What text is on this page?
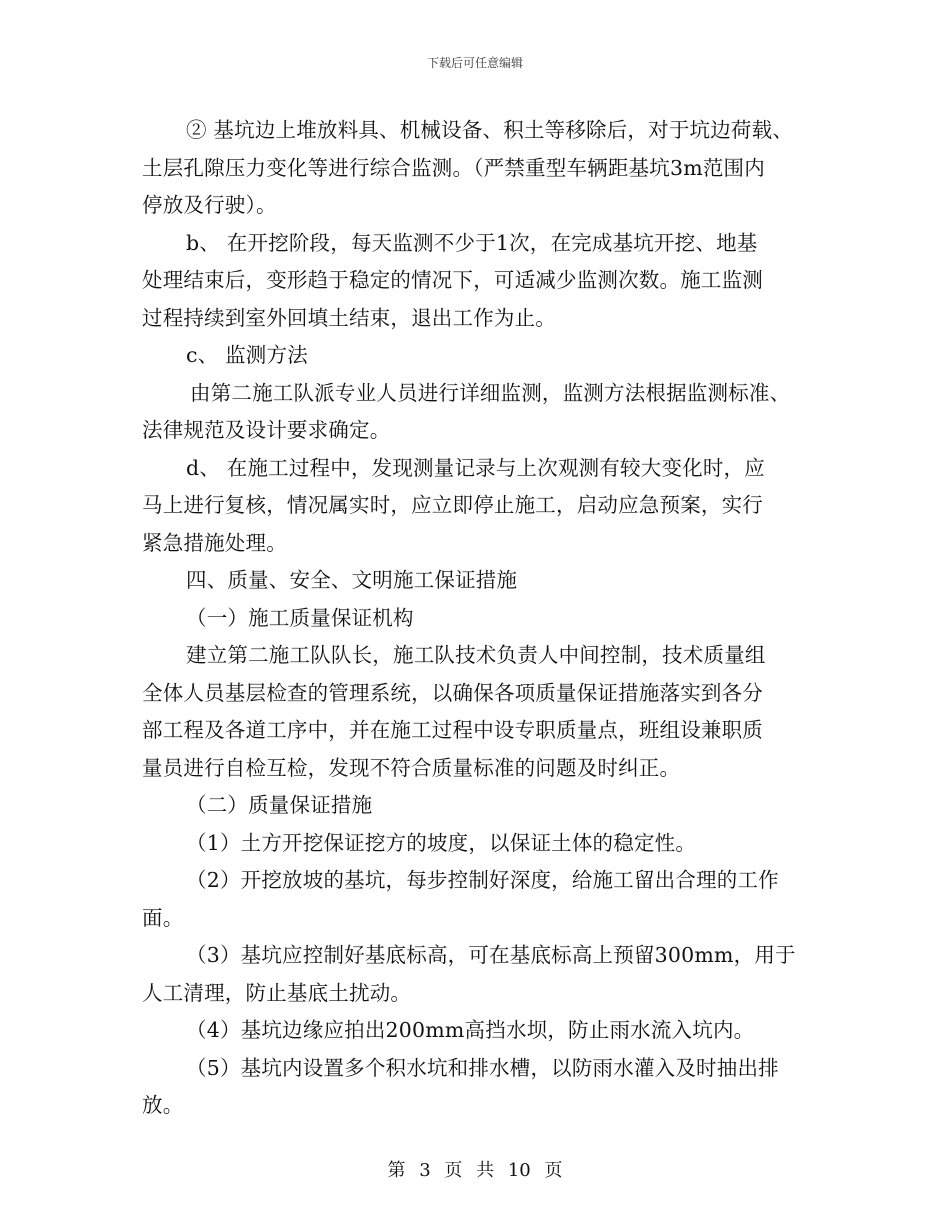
下载后可任意编辑

② 基坑边上堆放料具、机械设备、积土等移除后，对于坑边荷载、

土层孔隙压力变化等进行综合监测。（严禁重型车辆距基坑3m范围内

停放及行驶）。

b、 在开挖阶段，每天监测不少于1次，在完成基坑开挖、地基

处理结束后，变形趋于稳定的情况下，可适减少监测次数。施工监测

过程持续到室外回填土结束，退出工作为止。

c、 监测方法

由第二施工队派专业人员进行详细监测，监测方法根据监测标准、

法律规范及设计要求确定。

d、 在施工过程中，发现测量记录与上次观测有较大变化时，应

马上进行复核，情况属实时，应立即停止施工，启动应急预案，实行

紧急措施处理。

四、质量、安全、文明施工保证措施

（一）施工质量保证机构

建立第二施工队队长，施工队技术负责人中间控制，技术质量组

全体人员基层检查的管理系统，以确保各项质量保证措施落实到各分

部工程及各道工序中，并在施工过程中设专职质量点，班组设兼职质

量员进行自检互检，发现不符合质量标准的问题及时纠正。

（二）质量保证措施

（1）土方开挖保证挖方的坡度，以保证土体的稳定性。

（2）开挖放坡的基坑，每步控制好深度，给施工留出合理的工作

面。

（3）基坑应控制好基底标高，可在基底标高上预留300mm，用于

人工清理，防止基底土扰动。

（4）基坑边缘应拍出200mm高挡水坝，防止雨水流入坑内。

（5）基坑内设置多个积水坑和排水槽，以防雨水灌入及时抽出排

放。

第 3 页 共 10 页
